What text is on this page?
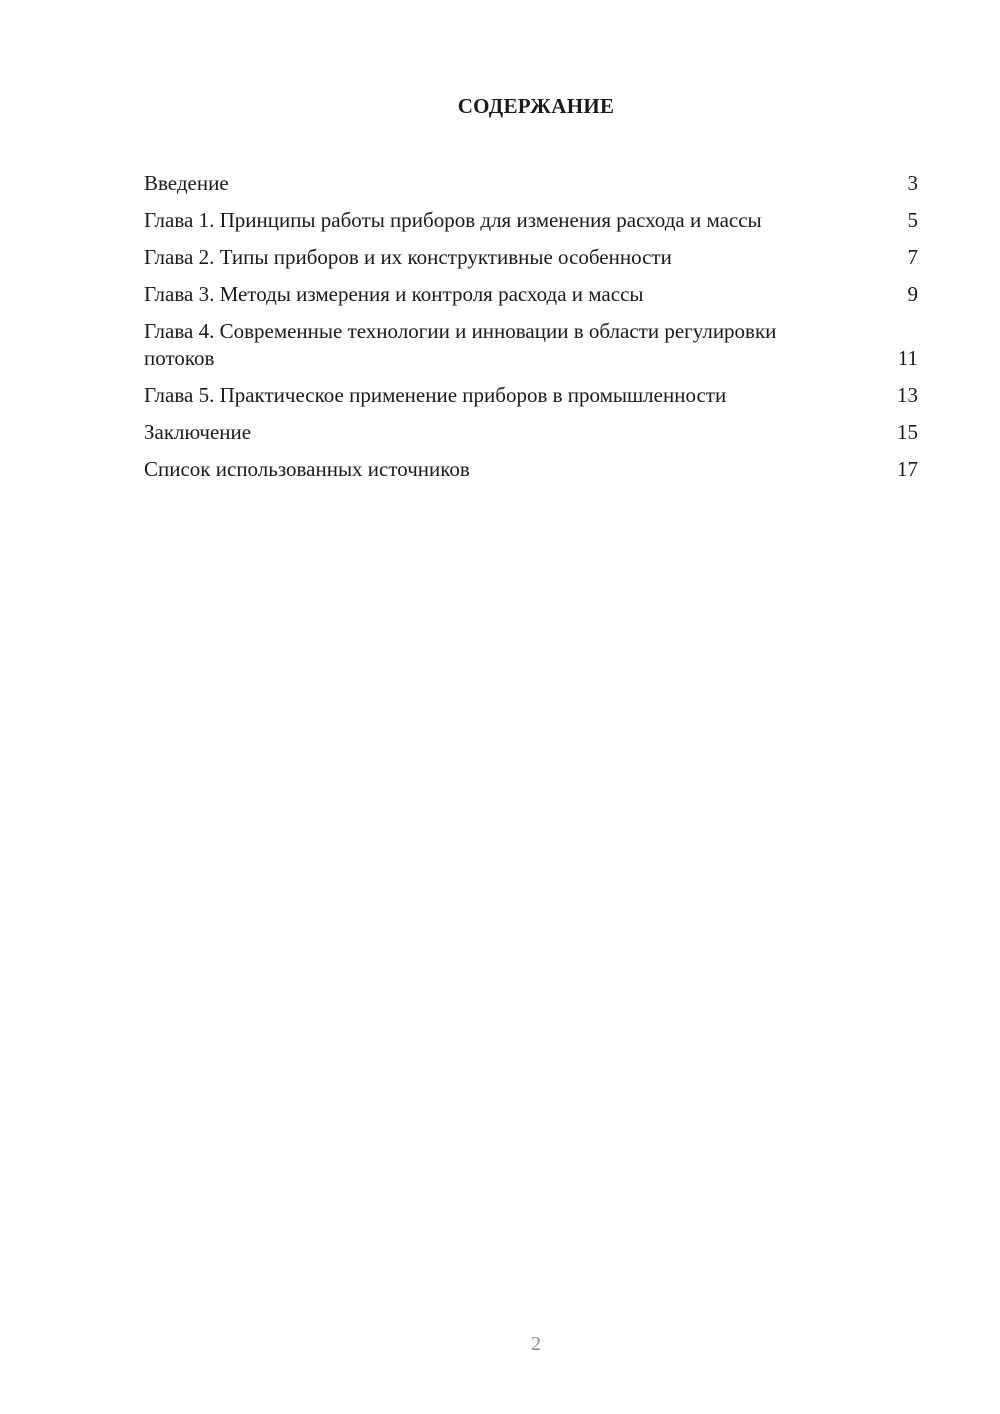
СОДЕРЖАНИЕ
Введение	3
Глава 1. Принципы работы приборов для изменения расхода и массы	5
Глава 2. Типы приборов и их конструктивные особенности	7
Глава 3. Методы измерения и контроля расхода и массы	9
Глава 4. Современные технологии и инновации в области регулировки потоков	11
Глава 5. Практическое применение приборов в промышленности	13
Заключение	15
Список использованных источников	17
2
